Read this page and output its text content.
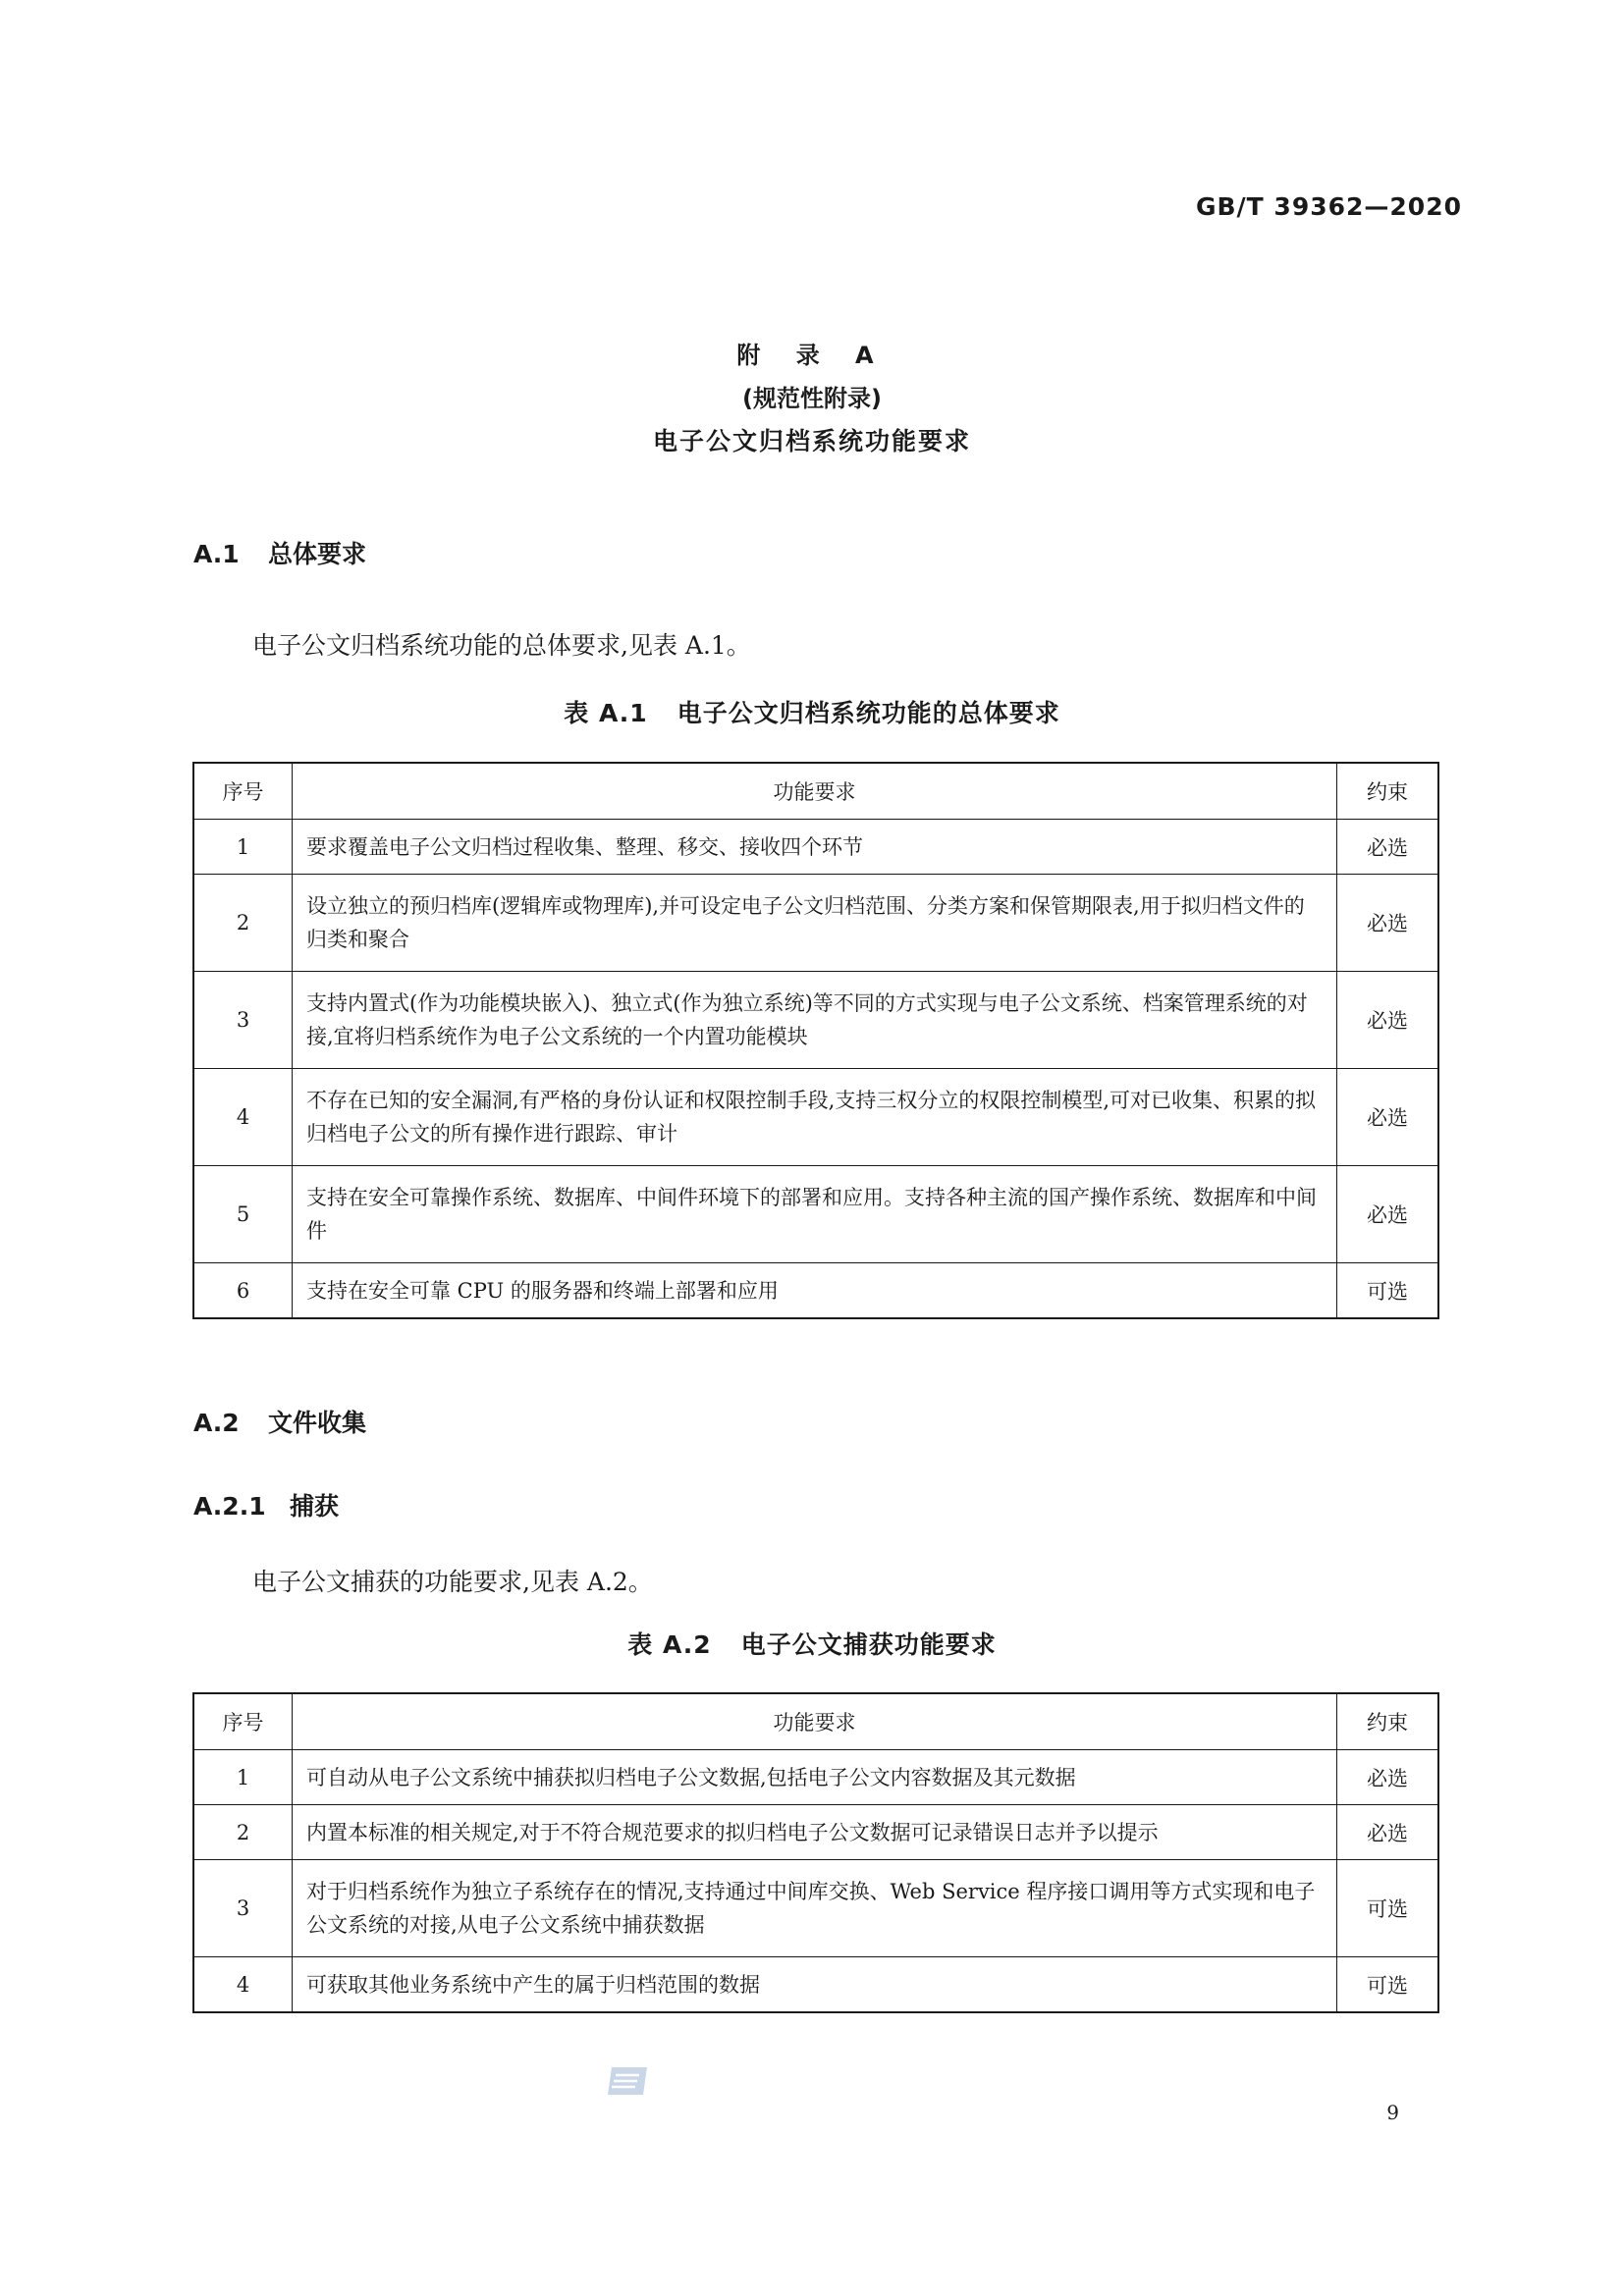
GB/T 39362—2020
附 录 A
(规范性附录)
电子公文归档系统功能要求
A.1 总体要求
电子公文归档系统功能的总体要求,见表 A.1。
表 A.1 电子公文归档系统功能的总体要求
序号	功能要求	约束
1	要求覆盖电子公文归档过程收集、整理、移交、接收四个环节	必选
2	设立独立的预归档库(逻辑库或物理库),并可设定电子公文归档范围、分类方案和保管期限表,用于拟归档文件的归类和聚合	必选
3	支持内置式(作为功能模块嵌入)、独立式(作为独立系统)等不同的方式实现与电子公文系统、档案管理系统的对接,宜将归档系统作为电子公文系统的一个内置功能模块	必选
4	不存在已知的安全漏洞,有严格的身份认证和权限控制手段,支持三权分立的权限控制模型,可对已收集、积累的拟归档电子公文的所有操作进行跟踪、审计	必选
5	支持在安全可靠操作系统、数据库、中间件环境下的部署和应用。支持各种主流的国产操作系统、数据库和中间件	必选
6	支持在安全可靠 CPU 的服务器和终端上部署和应用	可选
A.2 文件收集
A.2.1 捕获
电子公文捕获的功能要求,见表 A.2。
表 A.2 电子公文捕获功能要求
序号	功能要求	约束
1	可自动从电子公文系统中捕获拟归档电子公文数据,包括电子公文内容数据及其元数据	必选
2	内置本标准的相关规定,对于不符合规范要求的拟归档电子公文数据可记录错误日志并予以提示	必选
3	对于归档系统作为独立子系统存在的情况,支持通过中间库交换、Web Service 程序接口调用等方式实现和电子公文系统的对接,从电子公文系统中捕获数据	可选
4	可获取其他业务系统中产生的属于归档范围的数据	可选
9
